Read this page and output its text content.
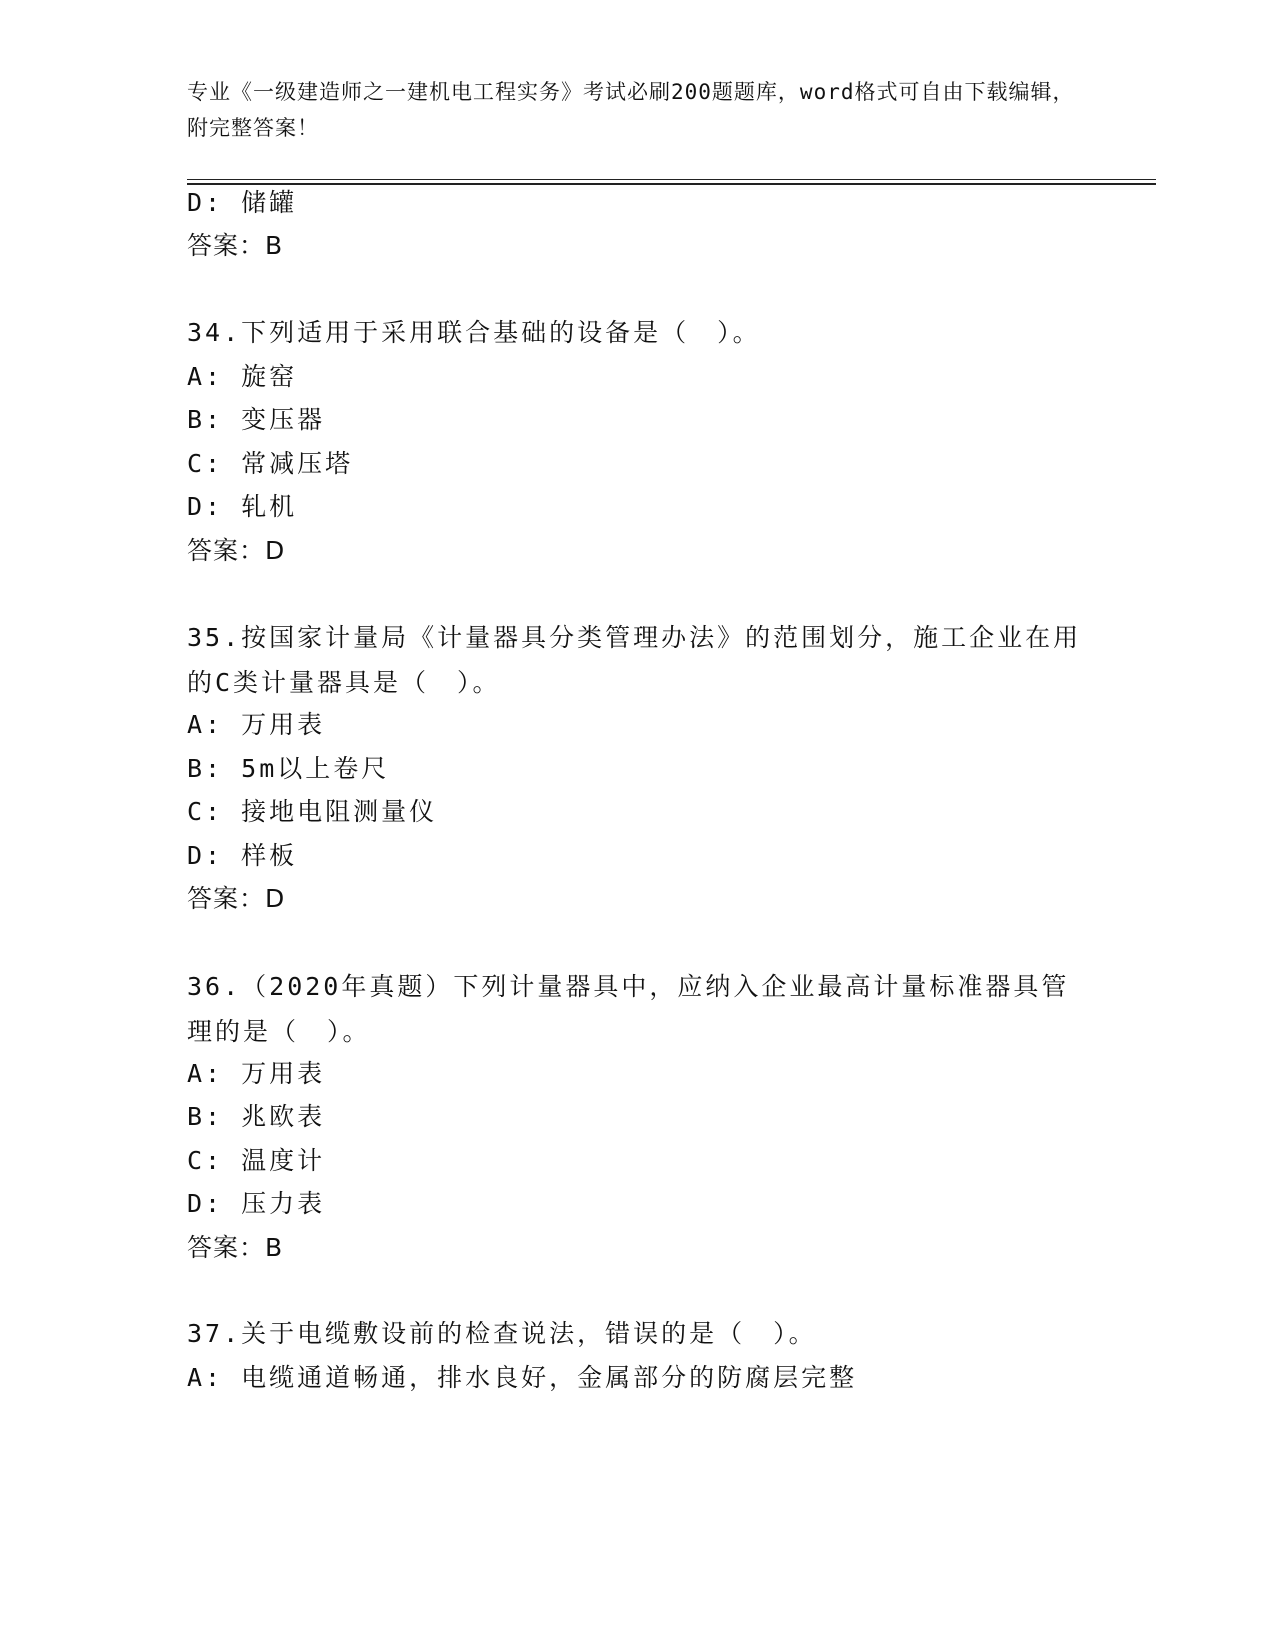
专业《一级建造师之一建机电工程实务》考试必刷200题题库，word格式可自由下载编辑，附完整答案！
D: 储罐
答案：B
34.下列适用于采用联合基础的设备是（　）。
A: 旋窑
B: 变压器
C: 常减压塔
D: 轧机
答案：D
35.按国家计量局《计量器具分类管理办法》的范围划分，施工企业在用的C类计量器具是（　）。
A: 万用表
B: 5m以上卷尺
C: 接地电阻测量仪
D: 样板
答案：D
36.（2020年真题）下列计量器具中，应纳入企业最高计量标准器具管理的是（　）。
A: 万用表
B: 兆欧表
C: 温度计
D: 压力表
答案：B
37.关于电缆敷设前的检查说法，错误的是（　）。
A: 电缆通道畅通，排水良好，金属部分的防腐层完整
